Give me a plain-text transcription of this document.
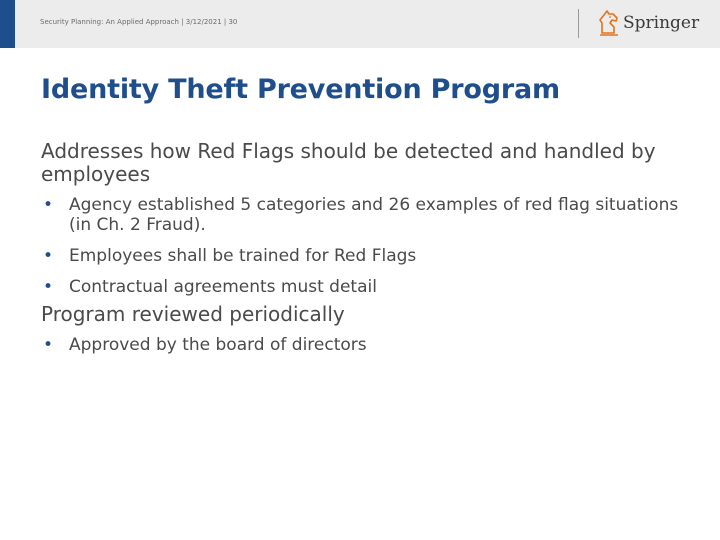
Security Planning: An Applied Approach | 3/12/2021 | 30	Springer
Identity Theft Prevention Program

Addresses how Red Flags should be detected and handled by employees

• Agency established 5 categories and 26 examples of red flag situations (in Ch. 2 Fraud).
• Employees shall be trained for Red Flags
• Contractual agreements must detail

Program reviewed periodically

• Approved by the board of directors
